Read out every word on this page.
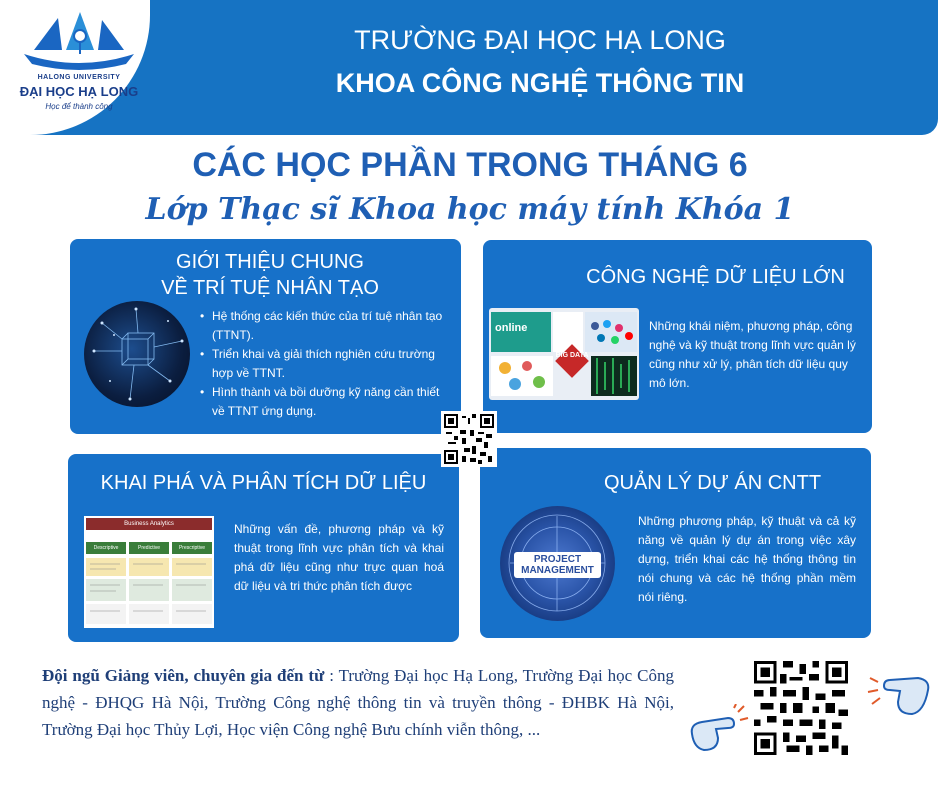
HALONG UNIVERSITY
ĐẠI HỌC HẠ LONG
Học để thành công
TRƯỜNG ĐẠI HỌC HẠ LONG
KHOA CÔNG NGHỆ THÔNG TIN
CÁC HỌC PHẦN TRONG THÁNG 6
Lớp Thạc sĩ Khoa học máy tính Khóa 1
GIỚI THIỆU CHUNG
VỀ TRÍ TUỆ NHÂN TẠO
• Hệ thống các kiến thức của trí tuệ nhân tạo (TTNT).
• Triển khai và giải thích nghiên cứu trường hợp về TTNT.
• Hình thành và bồi dưỡng kỹ năng cần thiết về TTNT ứng dụng.
CÔNG NGHỆ DỮ LIỆU LỚN
online
BIG DATA
Những khái niệm, phương pháp, công nghệ và kỹ thuật trong lĩnh vực quản lý cũng như xử lý, phân tích dữ liệu quy mô lớn.
KHAI PHÁ VÀ PHÂN TÍCH DỮ LIỆU
Business Analytics
Descriptive	Predictive	Prescriptive
Những vấn đề, phương pháp và kỹ thuật trong lĩnh vực phân tích và khai phá dữ liệu cũng như trực quan hoá dữ liệu và tri thức phân tích được
QUẢN LÝ DỰ ÁN CNTT
PROJECT
MANAGEMENT
Những phương pháp, kỹ thuật và cả kỹ năng về quản lý dự án trong việc xây dựng, triển khai các hệ thống thông tin nói chung và các hệ thống phần mềm nói riêng.
Đội ngũ Giảng viên, chuyên gia đến từ : Trường Đại học Hạ Long, Trường Đại học Công nghệ - ĐHQG Hà Nội, Trường Công nghệ thông tin và truyền thông - ĐHBK Hà Nội, Trường Đại học Thủy Lợi, Học viện Công nghệ Bưu chính viễn thông, ...
